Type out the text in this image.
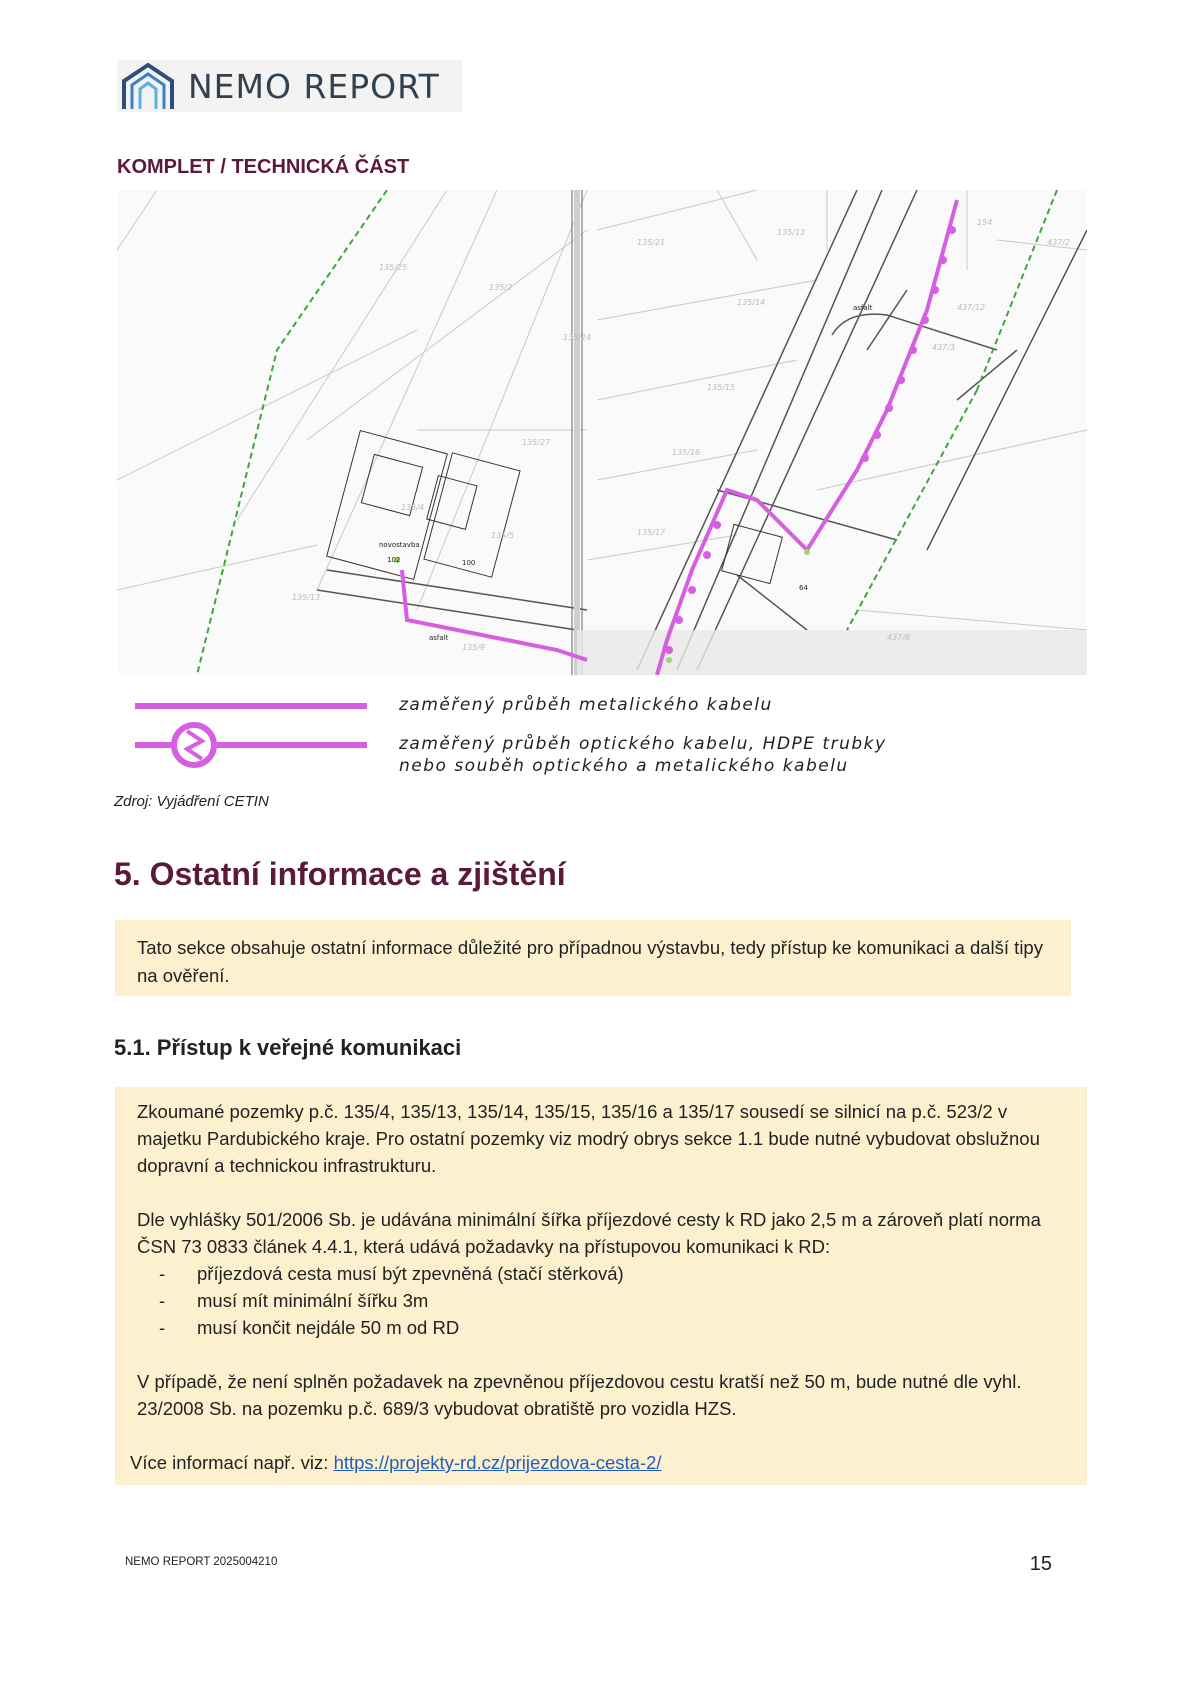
NEMO REPORT
KOMPLET / TECHNICKÁ ČÁST
135/25
135/2
135/24
135/27
135/4
135/5
135/13
135/9
135/21
135/13
135/14
135/15
135/16
135/17
154
437/2
437/12
437/3
437/8
novostavba
asfalt
asfalt
100
102
64
zaměřený průběh metalického kabelu
zaměřený průběh optického kabelu, HDPE trubky
nebo souběh optického a metalického kabelu
Zdroj: Vyjádření CETIN
5. Ostatní informace a zjištění
Tato sekce obsahuje ostatní informace důležité pro případnou výstavbu, tedy přístup ke komunikaci a další tipy na ověření.
5.1. Přístup k veřejné komunikaci

Zkoumané pozemky p.č. 135/4, 135/13, 135/14, 135/15, 135/16 a 135/17 sousedí se silnicí na p.č. 523/2 v majetku Pardubického kraje. Pro ostatní pozemky viz modrý obrys sekce 1.1 bude nutné vybudovat obslužnou dopravní a technickou infrastrukturu.

Dle vyhlášky 501/2006 Sb. je udávána minimální šířka příjezdové cesty k RD jako 2,5 m a zároveň platí norma ČSN 73 0833 článek 4.4.1, která udává požadavky na přístupovou komunikaci k RD:

- příjezdová cesta musí být zpevněná (stačí stěrková)
- musí mít minimální šířku 3m
- musí končit nejdále 50 m od RD

V případě, že není splněn požadavek na zpevněnou příjezdovou cestu kratší než 50 m, bude nutné dle vyhl. 23/2008 Sb. na pozemku p.č. 689/3 vybudovat obratiště pro vozidla HZS.

Více informací např. viz: https://projekty-rd.cz/prijezdova-cesta-2/

NEMO REPORT 2025004210	15
